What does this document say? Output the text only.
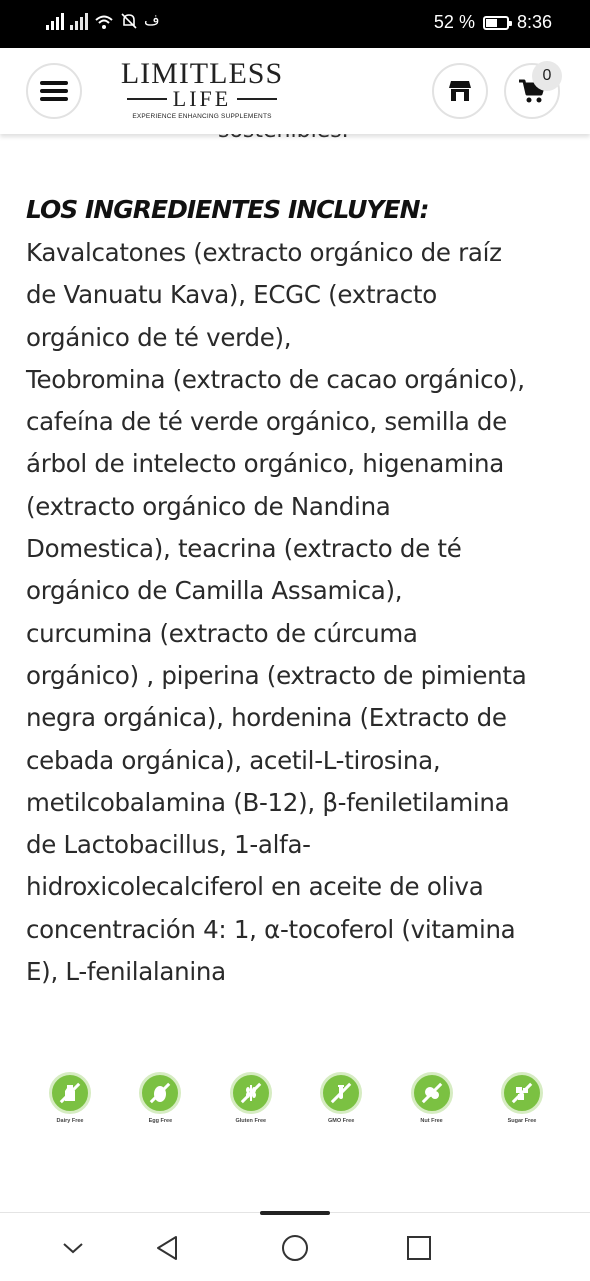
ف	52 % 8:36
LIMITLESS
LIFE
EXPERIENCE ENHANCING SUPPLEMENTS
0
LOS INGREDIENTES INCLUYEN:
Kavalcatones (extracto orgánico de raíz
de Vanuatu Kava), ECGC (extracto
orgánico de té verde),
Teobromina (extracto de cacao orgánico),
cafeína de té verde orgánico, semilla de
árbol de intelecto orgánico, higenamina
(extracto orgánico de Nandina
Domestica), teacrina (extracto de té
orgánico de Camilla Assamica),
curcumina (extracto de cúrcuma
orgánico) , piperina (extracto de pimienta
negra orgánica), hordenina (Extracto de
cebada orgánica), acetil-L-tirosina,
metilcobalamina (B-12), β-feniletilamina
de Lactobacillus, 1-alfa-
hidroxicolecalciferol en aceite de oliva
concentración 4: 1, α-tocoferol (vitamina
E), L-fenilalanina
Dairy Free	Egg Free	Gluten Free	GMO Free	Nut Free	Sugar Free
